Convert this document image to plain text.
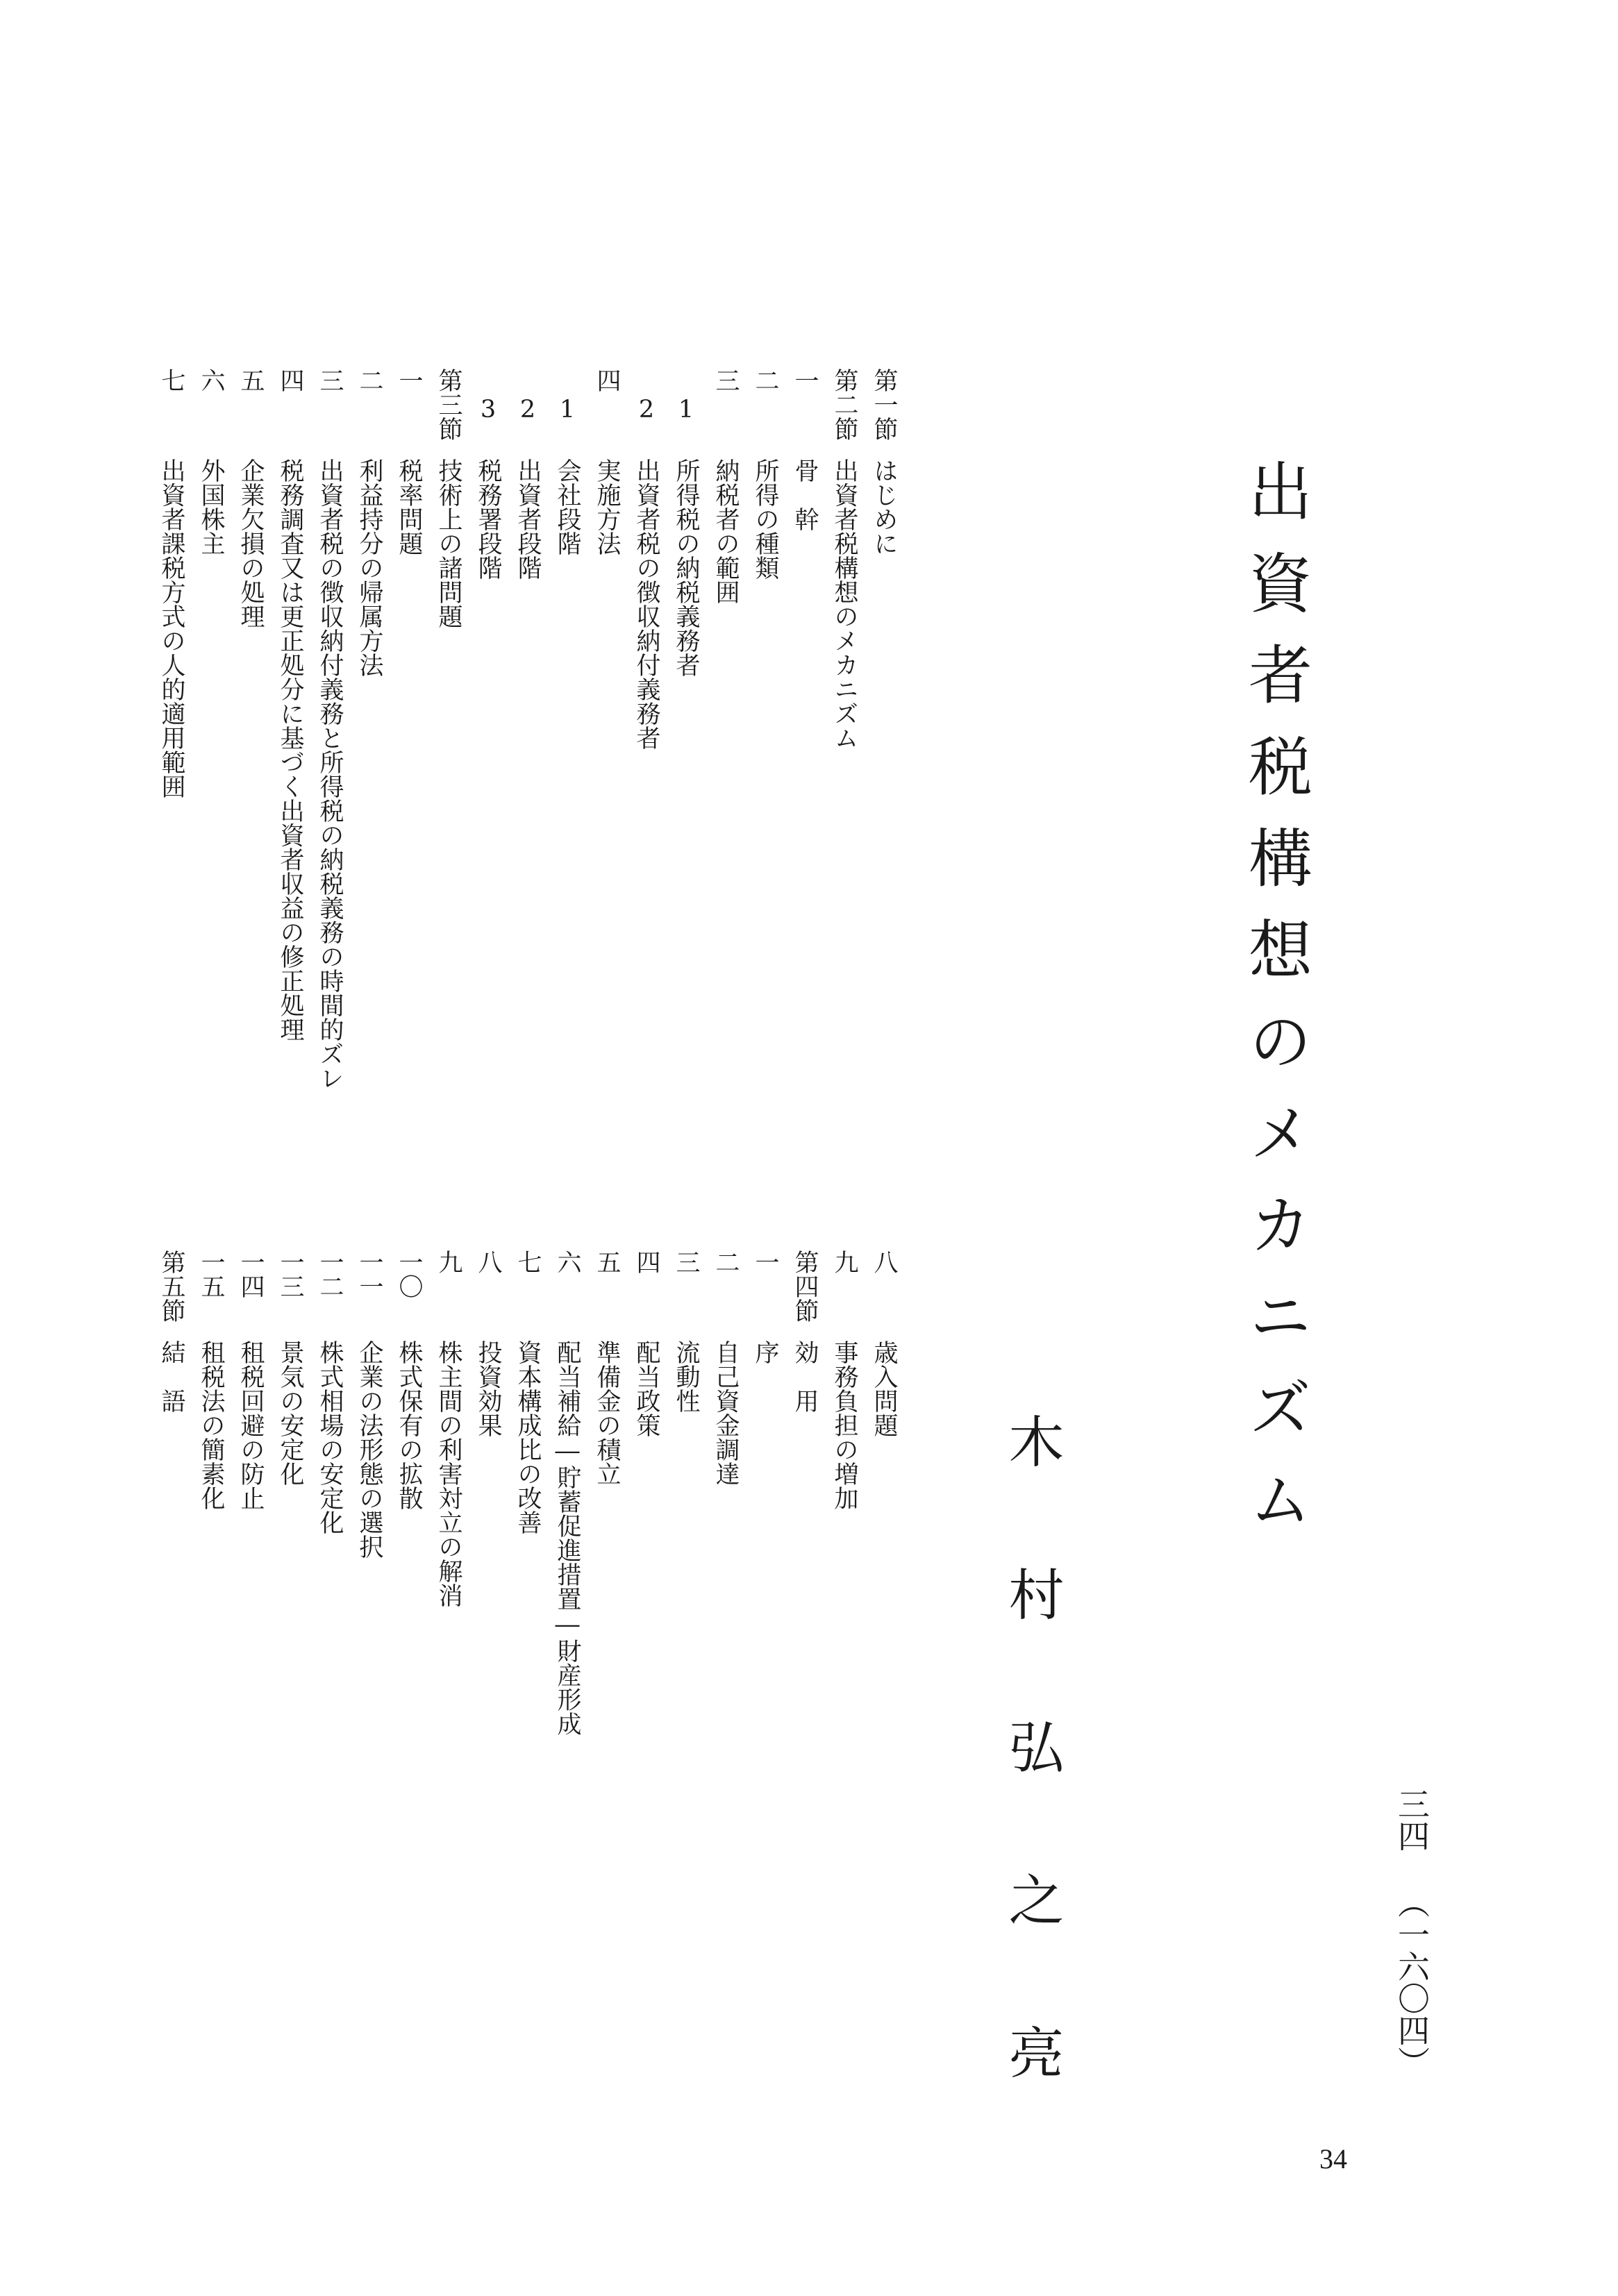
出資者税構想のメカニズム
木村弘之亮	三四（一六〇四）
34
第一節はじめに
第二節出資者税構想のメカニズム
一骨　幹
二所得の種類
三納税者の範囲
1所得税の納税義務者
2出資者税の徴収納付義務者
四実施方法
1会社段階
2出資者段階
3税務署段階
第三節技術上の諸問題
一税率問題
二利益持分の帰属方法
三出資者税の徴収納付義務と所得税の納税義務の時間的ズレ
四税務調査又は更正処分に基づく出資者収益の修正処理
五企業欠損の処理
六外国株主
七出資者課税方式の人的適用範囲
八歳入問題
九事務負担の増加
第四節効　用
一序
二自己資金調達
三流動性
四配当政策
五準備金の積立
六配当補給―貯蓄促進措置―財産形成
七資本構成比の改善
八投資効果
九株主間の利害対立の解消
一〇株式保有の拡散
一一企業の法形態の選択
一二株式相場の安定化
一三景気の安定化
一四租税回避の防止
一五租税法の簡素化
第五節結　語
